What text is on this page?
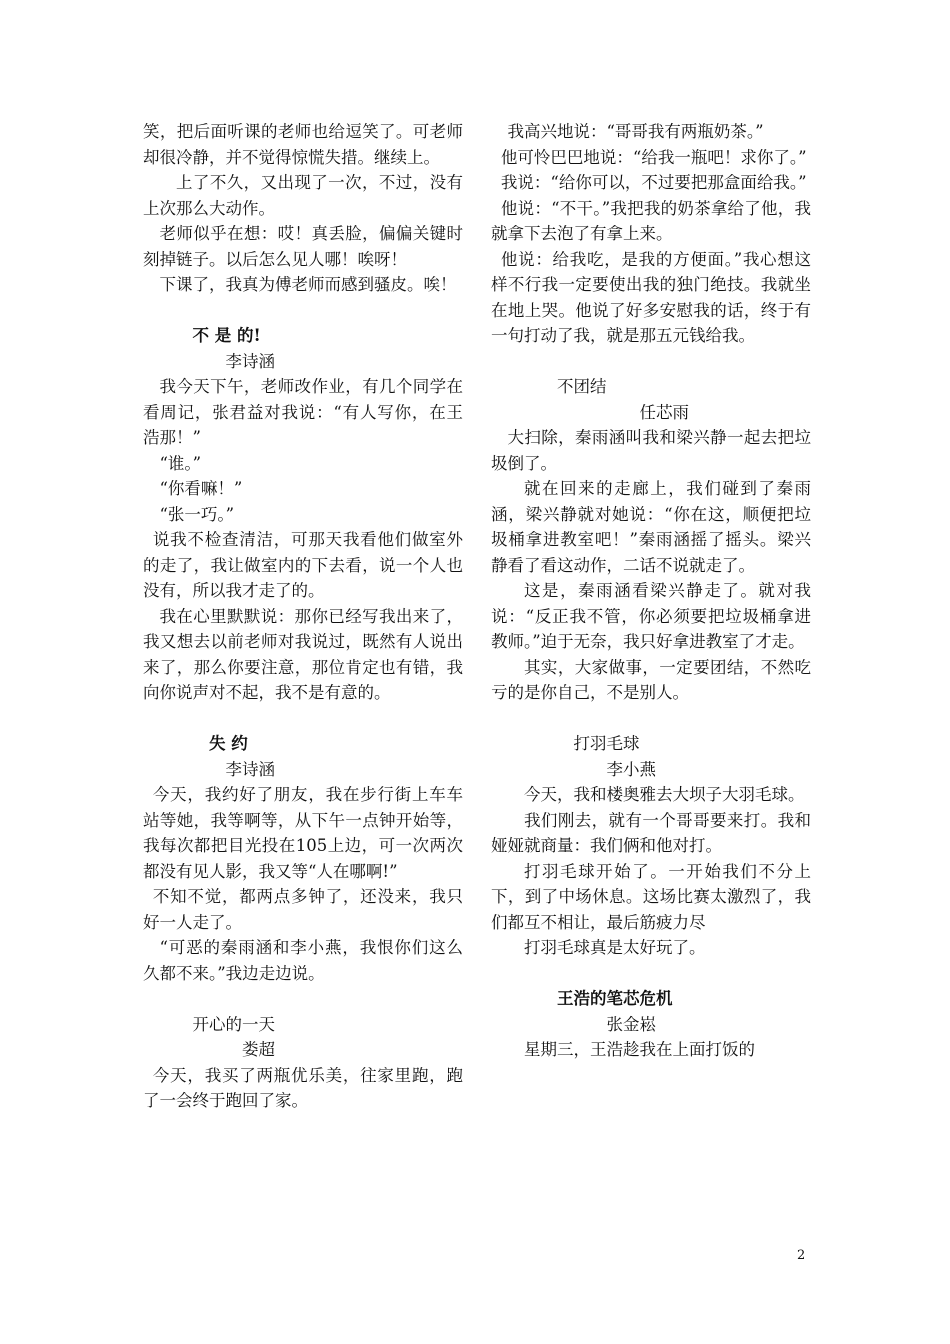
笑，把后面听课的老师也给逗笑了。可老师却很冷静，并不觉得惊慌失措。继续上。

上了不久，又出现了一次，不过，没有上次那么大动作。

老师似乎在想：哎！真丢脸，偏偏关键时刻掉链子。以后怎么见人哪！唉呀！

下课了，我真为傅老师而感到骚皮。唉！

不 是 的!

李诗涵

我今天下午，老师改作业，有几个同学在看周记，张君益对我说：“有人写你，在王浩那！”

“谁。”

“你看嘛！”

“张一巧。”

说我不检查清洁，可那天我看他们做室外的走了，我让做室内的下去看，说一个人也没有，所以我才走了的。

我在心里默默说：那你已经写我出来了，我又想去以前老师对我说过，既然有人说出来了，那么你要注意，那位肯定也有错，我向你说声对不起，我不是有意的。

失 约

李诗涵

今天，我约好了朋友，我在步行街上车车站等她，我等啊等，从下午一点钟开始等，我每次都把目光投在105上边，可一次两次都没有见人影，我又等“人在哪啊!”

不知不觉，都两点多钟了，还没来，我只好一人走了。

“可恶的秦雨涵和李小燕，我恨你们这么久都不来。”我边走边说。

开心的一天

娄超

今天，我买了两瓶优乐美，往家里跑，跑了一会终于跑回了家。

我高兴地说：“哥哥我有两瓶奶茶。”

他可怜巴巴地说：“给我一瓶吧！求你了。”

我说：“给你可以，不过要把那盒面给我。”

他说：“不干。”我把我的奶茶拿给了他，我就拿下去泡了有拿上来。

他说：给我吃，是我的方便面。”我心想这样不行我一定要使出我的独门绝技。我就坐在地上哭。他说了好多安慰我的话，终于有一句打动了我，就是那五元钱给我。

不团结

任芯雨

大扫除，秦雨涵叫我和梁兴静一起去把垃圾倒了。

就在回来的走廊上，我们碰到了秦雨涵，梁兴静就对她说：“你在这，顺便把垃圾桶拿进教室吧！”秦雨涵摇了摇头。梁兴静看了看这动作，二话不说就走了。

这是，秦雨涵看梁兴静走了。就对我说：“反正我不管，你必须要把垃圾桶拿进教师。”迫于无奈，我只好拿进教室了才走。

其实，大家做事，一定要团结，不然吃亏的是你自己，不是别人。

打羽毛球

李小燕

今天，我和楼奥雅去大坝子大羽毛球。

我们刚去，就有一个哥哥要来打。我和娅娅就商量：我们俩和他对打。

打羽毛球开始了。一开始我们不分上下，到了中场休息。这场比赛太激烈了，我们都互不相让，最后筋疲力尽

打羽毛球真是太好玩了。

王浩的笔芯危机

张金崧

星期三，王浩趁我在上面打饭的

2
